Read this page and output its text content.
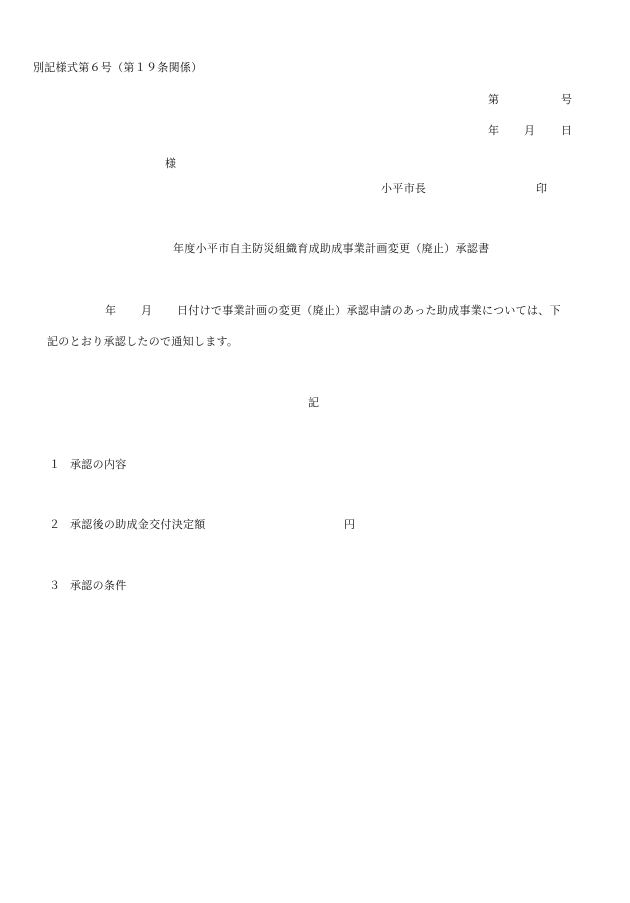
別記様式第６号（第１９条関係）
第	号
年 月 日
様
小平市長	印
年度小平市自主防災組織育成助成事業計画変更（廃止）承認書
年 月 日付けで事業計画の変更（廃止）承認申請のあった助成事業については、下
記のとおり承認したので通知します。
記
１ 承認の内容
２ 承認後の助成金交付決定額	円
３ 承認の条件
